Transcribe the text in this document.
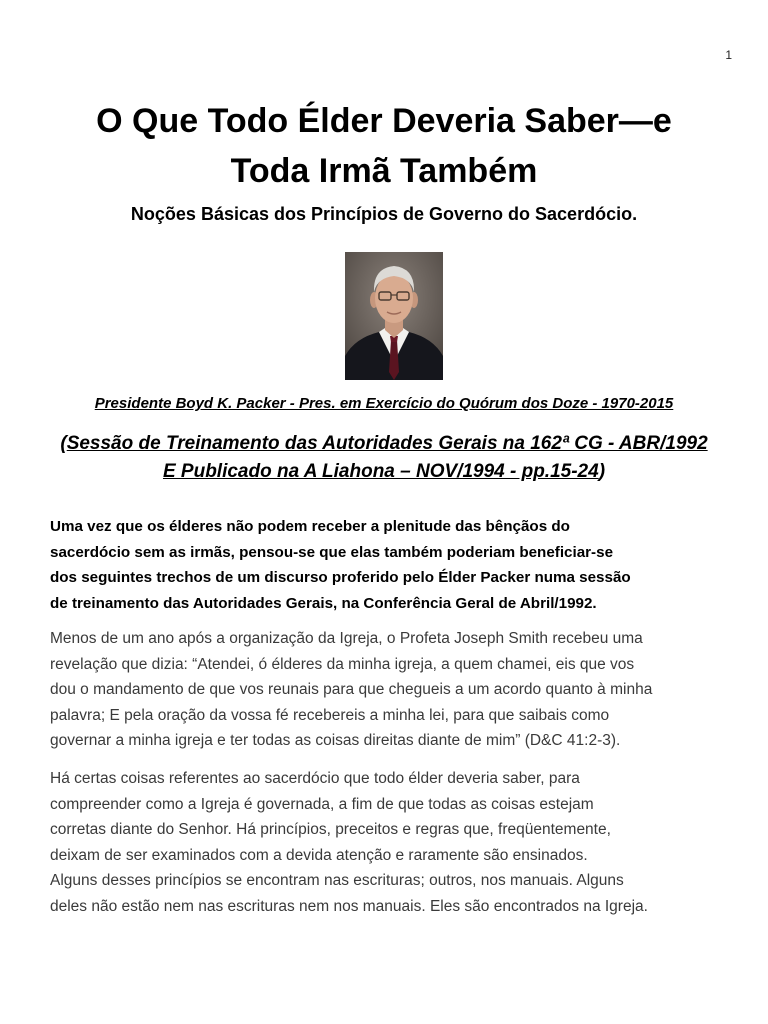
1
O Que Todo Élder Deveria Saber—e
Toda Irmã Também
Noções Básicas dos Princípios de Governo do Sacerdócio.
Presidente Boyd K. Packer - Pres. em Exercício do Quórum dos Doze - 1970-2015
(Sessão de Treinamento das Autoridades Gerais na 162ª CG - ABR/1992
E Publicado na A Liahona – NOV/1994 - pp.15-24)
Uma vez que os élderes não podem receber a plenitude das bênçãos do
sacerdócio sem as irmãs, pensou-se que elas também poderiam beneficiar-se
dos seguintes trechos de um discurso proferido pelo Élder Packer numa sessão
de treinamento das Autoridades Gerais, na Conferência Geral de Abril/1992.
Menos de um ano após a organização da Igreja, o Profeta Joseph Smith recebeu uma
revelação que dizia: “Atendei, ó élderes da minha igreja, a quem chamei, eis que vos
dou o mandamento de que vos reunais para que chegueis a um acordo quanto à minha
palavra; E pela oração da vossa fé recebereis a minha lei, para que saibais como
governar a minha igreja e ter todas as coisas direitas diante de mim” (D&C 41:2-3).
Há certas coisas referentes ao sacerdócio que todo élder deveria saber, para
compreender como a Igreja é governada, a fim de que todas as coisas estejam
corretas diante do Senhor. Há princípios, preceitos e regras que, freqüentemente,
deixam de ser examinados com a devida atenção e raramente são ensinados.
Alguns desses princípios se encontram nas escrituras; outros, nos manuais. Alguns
deles não estão nem nas escrituras nem nos manuais. Eles são encontrados na Igreja.
